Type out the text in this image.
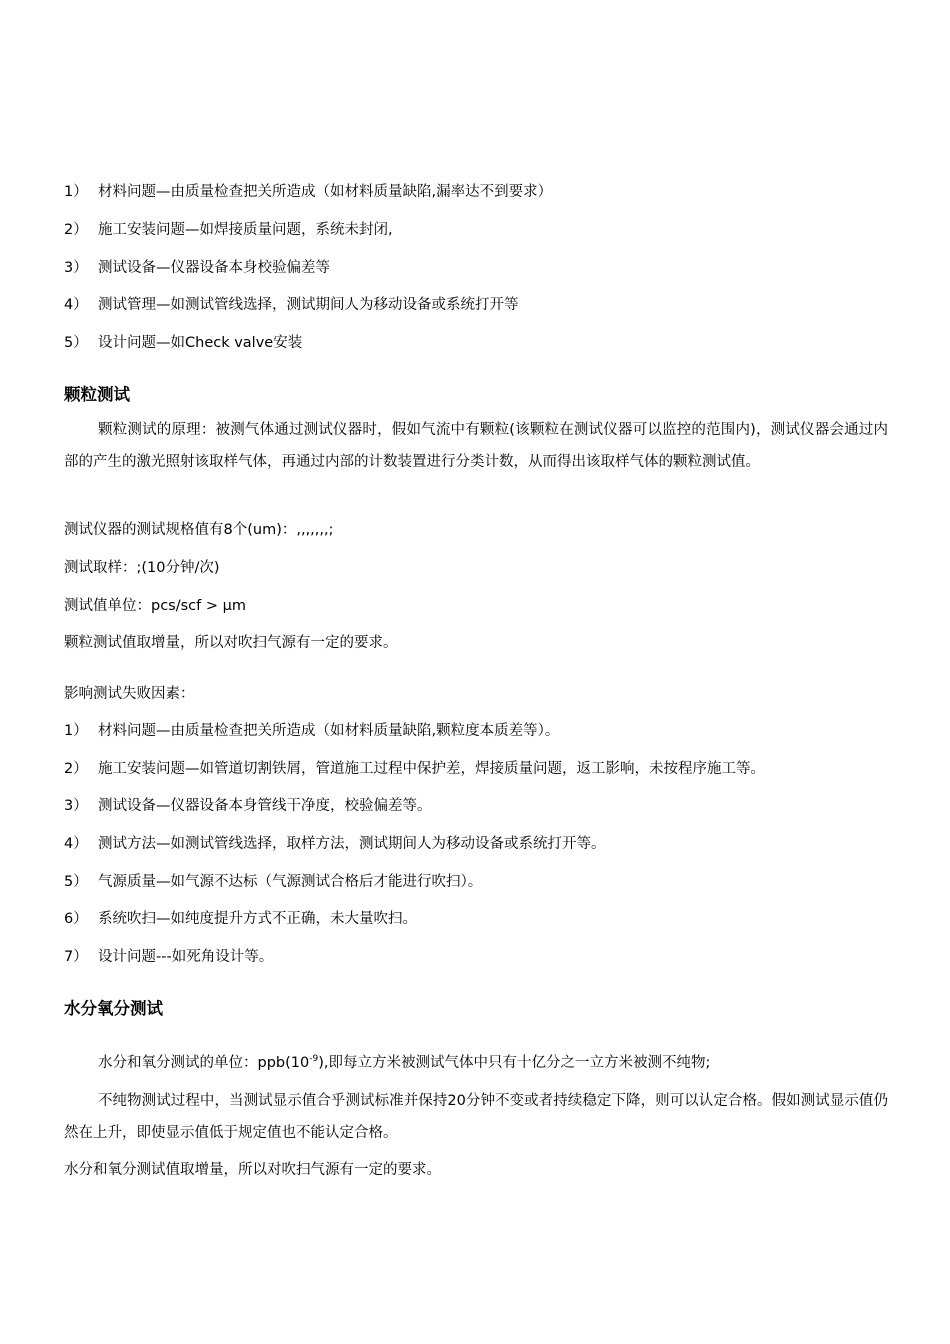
1） 材料问题—由质量检查把关所造成（如材料质量缺陷,漏率达不到要求）
2） 施工安装问题—如焊接质量问题，系统未封闭,
3） 测试设备—仪器设备本身校验偏差等
4） 测试管理—如测试管线选择，测试期间人为移动设备或系统打开等
5） 设计问题—如Check valve安装
颗粒测试
颗粒测试的原理：被测气体通过测试仪器时，假如气流中有颗粒(该颗粒在测试仪器可以监控的范围内)，测试仪器会通过内部的产生的激光照射该取样气体，再通过内部的计数装置进行分类计数，从而得出该取样气体的颗粒测试值。
测试仪器的测试规格值有8个(um)：,,,,,,,;
测试取样：;(10分钟/次)
测试值单位：pcs/scf > μm
颗粒测试值取增量，所以对吹扫气源有一定的要求。
影响测试失败因素：
1） 材料问题—由质量检查把关所造成（如材料质量缺陷,颗粒度本质差等）。
2） 施工安装问题—如管道切割铁屑，管道施工过程中保护差，焊接质量问题，返工影响，未按程序施工等。
3） 测试设备—仪器设备本身管线干净度，校验偏差等。
4） 测试方法—如测试管线选择，取样方法，测试期间人为移动设备或系统打开等。
5） 气源质量—如气源不达标（气源测试合格后才能进行吹扫）。
6） 系统吹扫—如纯度提升方式不正确，未大量吹扫。
7） 设计问题---如死角设计等。
水分氧分测试
水分和氧分测试的单位：$ppb(10^{-9})$,即每立方米被测试气体中只有十亿分之一立方米被测不纯物;
不纯物测试过程中，当测试显示值合乎测试标准并保持20分钟不变或者持续稳定下降，则可以认定合格。假如测试显示值仍然在上升，即使显示值低于规定值也不能认定合格。
水分和氧分测试值取增量，所以对吹扫气源有一定的要求。
